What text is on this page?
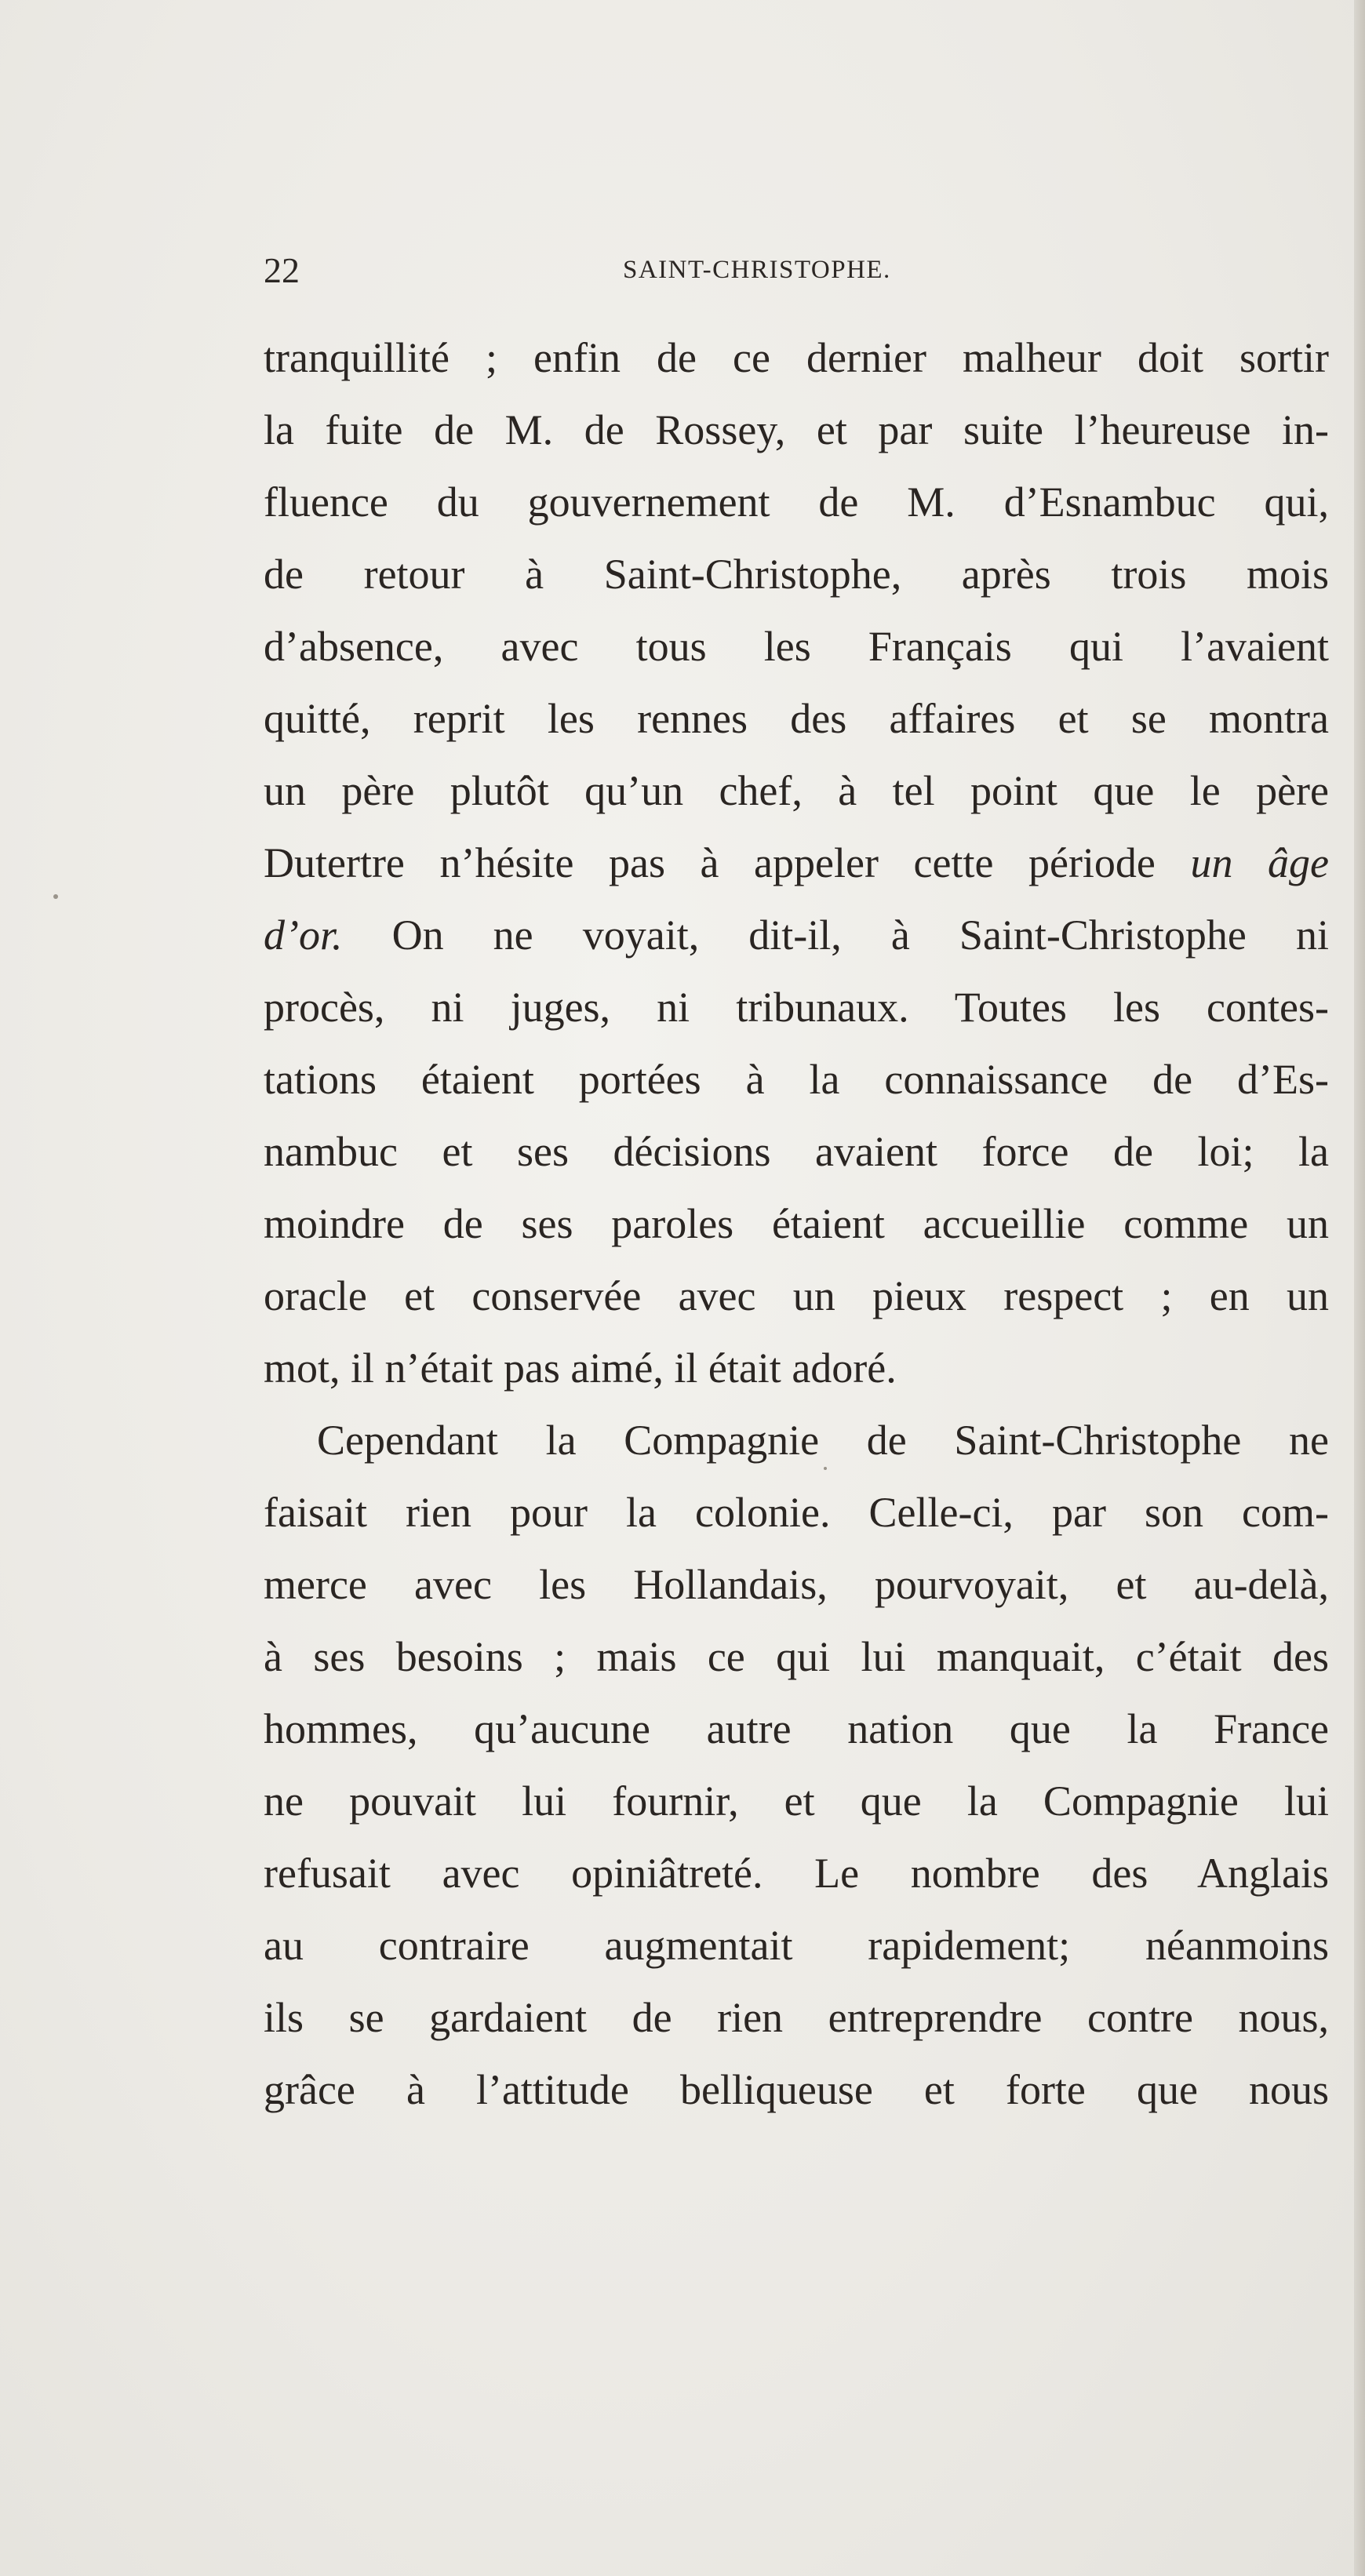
22	SAINT-CHRISTOPHE.
tranquillité ; enfin de ce dernier malheur doit sortir
la fuite de M. de Rossey, et par suite l’heureuse in-
fluence du gouvernement de M. d’Esnambuc qui,
de retour à Saint-Christophe, après trois mois
d’absence, avec tous les Français qui l’avaient
quitté, reprit les rennes des affaires et se montra
un père plutôt qu’un chef, à tel point que le père
Dutertre n’hésite pas à appeler cette période un âge
d’or. On ne voyait, dit-il, à Saint-Christophe ni
procès, ni juges, ni tribunaux. Toutes les contes-
tations étaient portées à la connaissance de d’Es-
nambuc et ses décisions avaient force de loi; la
moindre de ses paroles étaient accueillie comme un
oracle et conservée avec un pieux respect ; en un
mot, il n’était pas aimé, il était adoré.
Cependant la Compagnie de Saint-Christophe ne
faisait rien pour la colonie. Celle-ci, par son com-
merce avec les Hollandais, pourvoyait, et au-delà,
à ses besoins ; mais ce qui lui manquait, c’était des
hommes, qu’aucune autre nation que la France
ne pouvait lui fournir, et que la Compagnie lui
refusait avec opiniâtreté. Le nombre des Anglais
au contraire augmentait rapidement; néanmoins
ils se gardaient de rien entreprendre contre nous,
grâce à l’attitude belliqueuse et forte que nous
